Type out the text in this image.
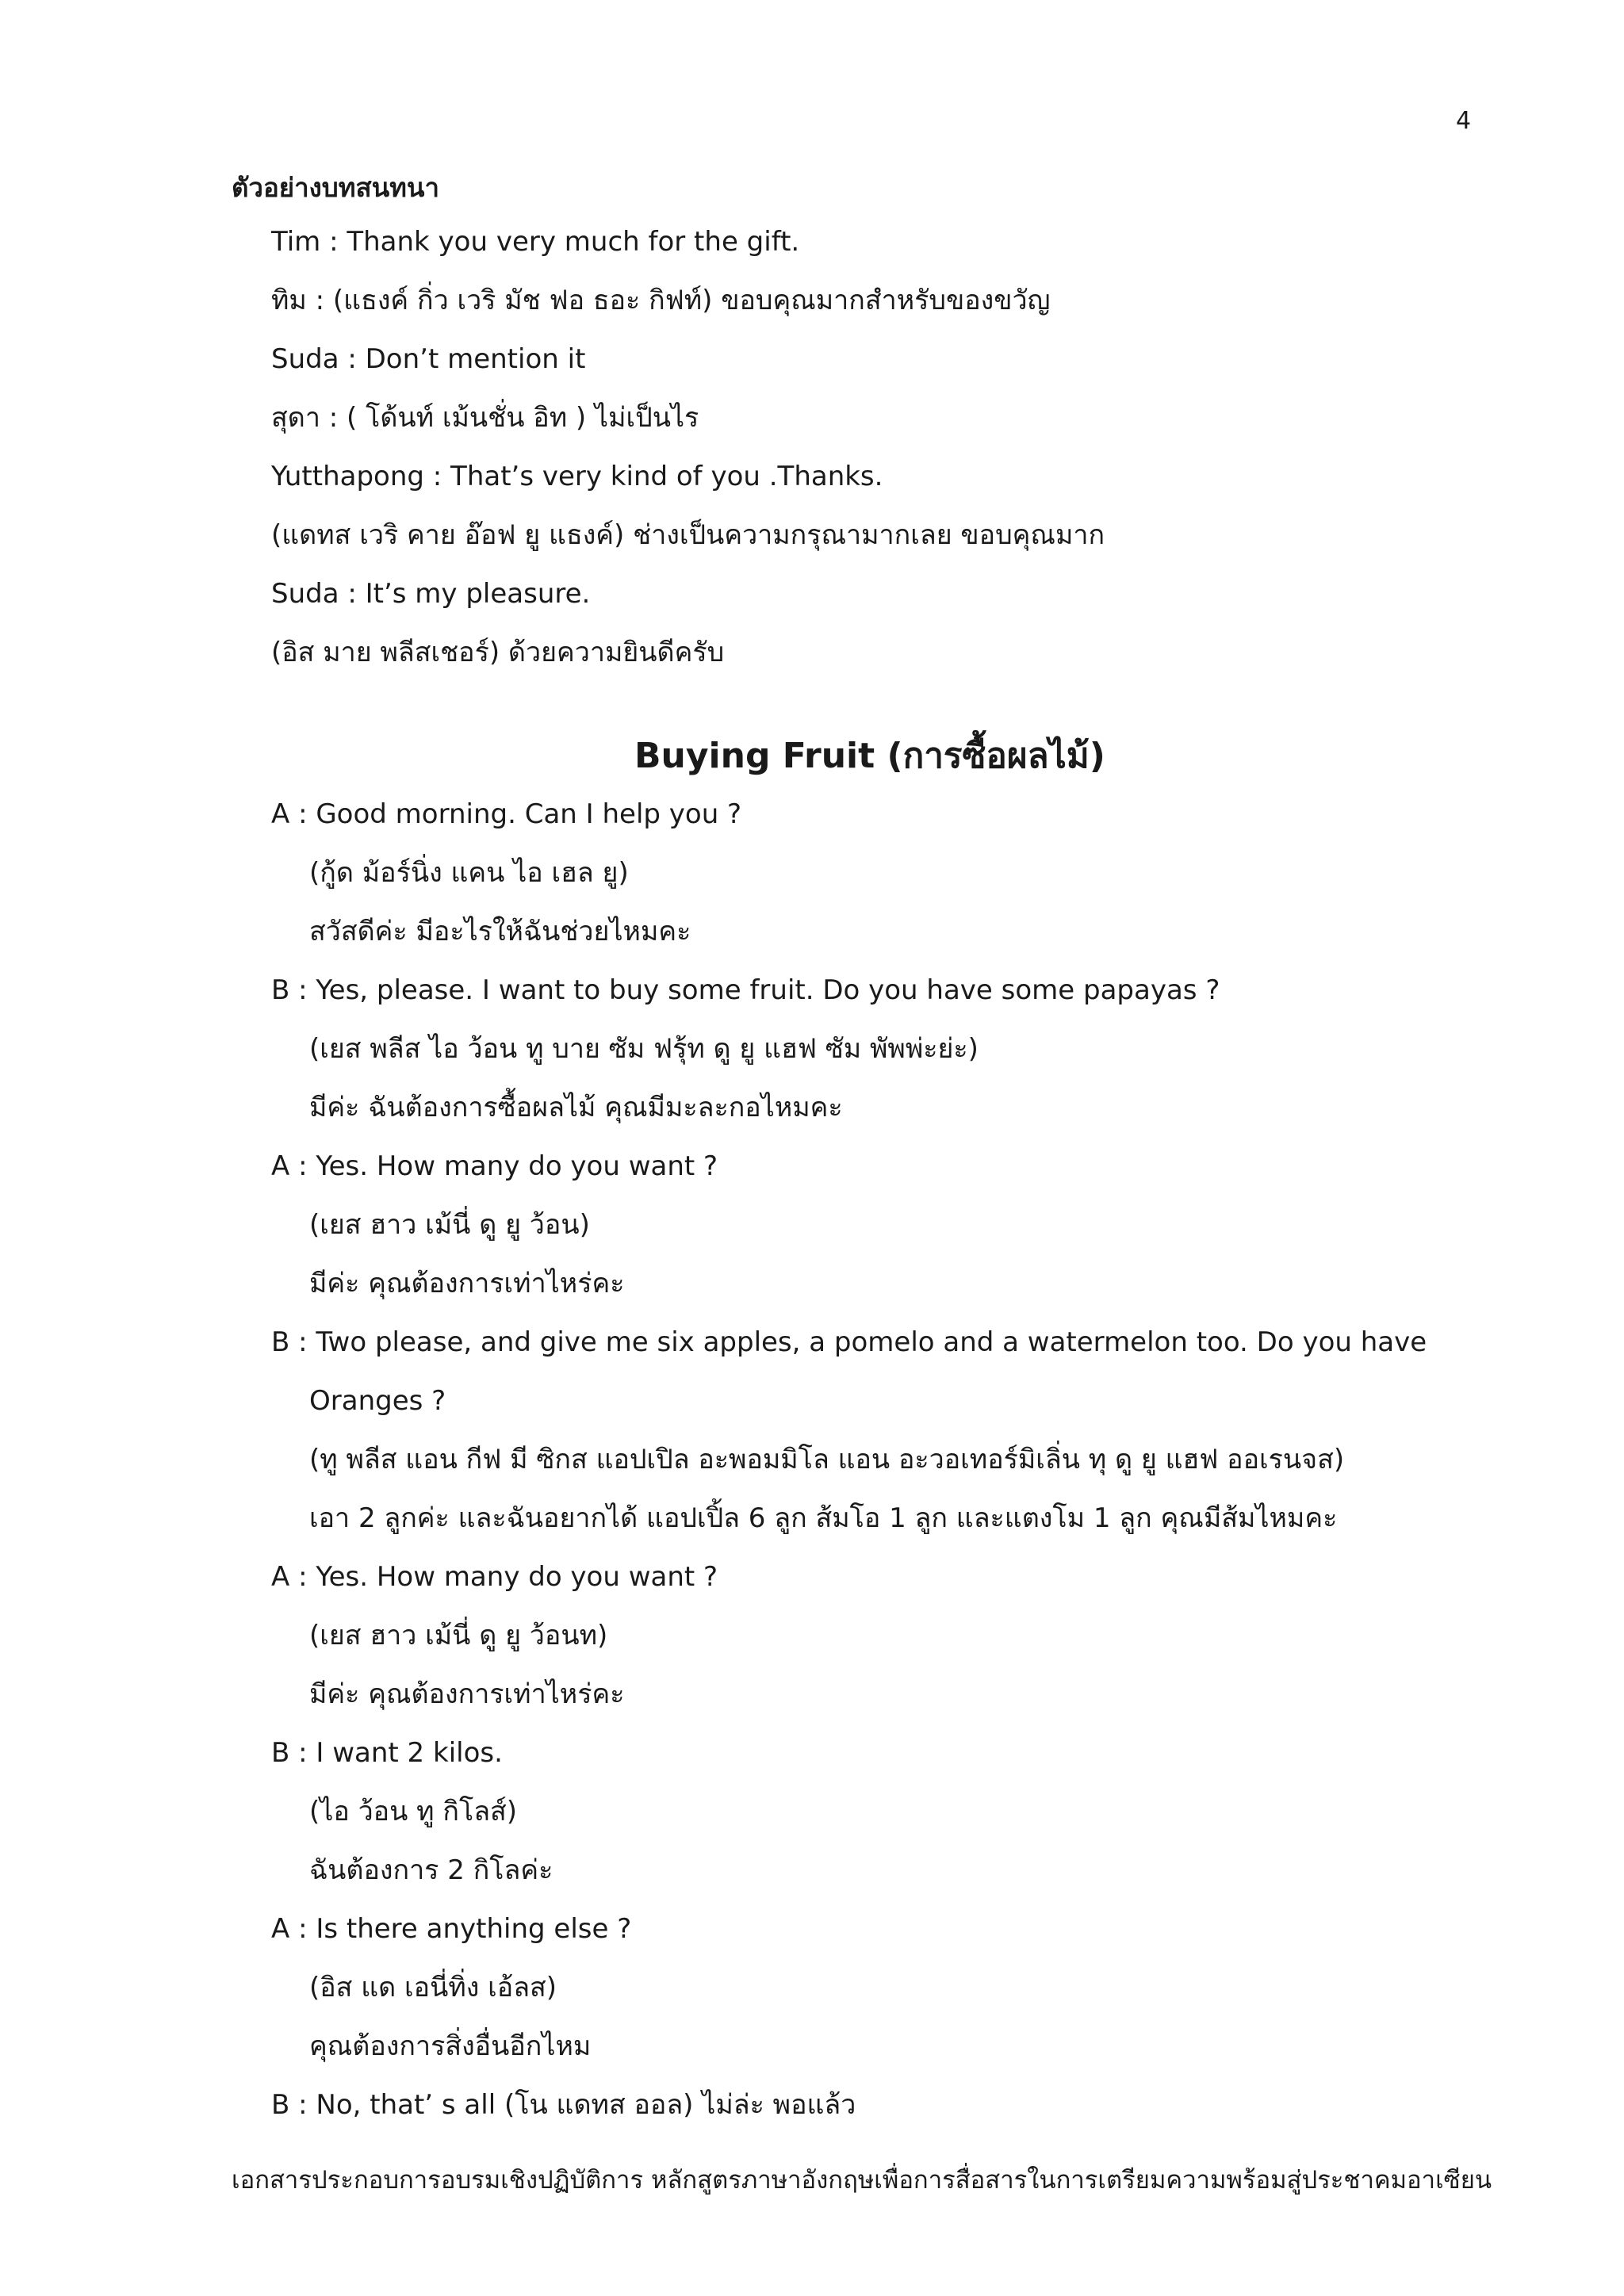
4
ตัวอย่างบทสนทนา
Tim : Thank you very much for the gift.
ทิม : (แธงค์ กิ่ว เวริ มัช ฟอ ธอะ กิฟท์) ขอบคุณมากสำหรับของขวัญ
Suda : Don’t mention it
สุดา : ( โด้นท์ เม้นชั่น อิท ) ไม่เป็นไร
Yutthapong : That’s very kind of you .Thanks.
(แดทส เวริ คาย อ๊อฟ ยู แธงค์) ช่างเป็นความกรุณามากเลย ขอบคุณมาก
Suda : It’s my pleasure.
(อิส มาย พลีสเชอร์) ด้วยความยินดีครับ
Buying Fruit (การซื้อผลไม้)
A : Good morning. Can I help you ?
(กู้ด ม้อร์นิ่ง แคน ไอ เฮล ยู)
สวัสดีค่ะ มีอะไรให้ฉันช่วยไหมคะ
B : Yes, please. I want to buy some fruit. Do you have some papayas ?
(เยส พลีส ไอ ว้อน ทู บาย ซัม ฟรุ้ท ดู ยู แฮฟ ซัม พัพพ่ะย่ะ)
มีค่ะ ฉันต้องการซื้อผลไม้ คุณมีมะละกอไหมคะ
A : Yes. How many do you want ?
(เยส ฮาว เม้นี่ ดู ยู ว้อน)
มีค่ะ คุณต้องการเท่าไหร่คะ
B : Two please, and give me six apples, a pomelo and a watermelon too. Do you have
Oranges ?
(ทู พลีส แอน กีฟ มี ซิกส แอปเปิล อะพอมมิโล แอน อะวอเทอร์มิเลิ่น ทุ ดู ยู แฮฟ ออเรนจส)
เอา 2 ลูกค่ะ และฉันอยากได้ แอปเปิ้ล 6 ลูก ส้มโอ 1 ลูก และแตงโม 1 ลูก คุณมีส้มไหมคะ
A : Yes. How many do you want ?
(เยส ฮาว เม้นี่ ดู ยู ว้อนท)
มีค่ะ คุณต้องการเท่าไหร่คะ
B : I want 2 kilos.
(ไอ ว้อน ทู กิโลส์)
ฉันต้องการ 2 กิโลค่ะ
A : Is there anything else ?
(อิส แด เอนี่ทิ่ง เอ้ลส)
คุณต้องการสิ่งอื่นอีกไหม
B : No, that’ s all (โน แดทส ออล) ไม่ล่ะ พอแล้ว
เอกสารประกอบการอบรมเชิงปฏิบัติการ หลักสูตรภาษาอังกฤษเพื่อการสื่อสารในการเตรียมความพร้อมสู่ประชาคมอาเซียน
